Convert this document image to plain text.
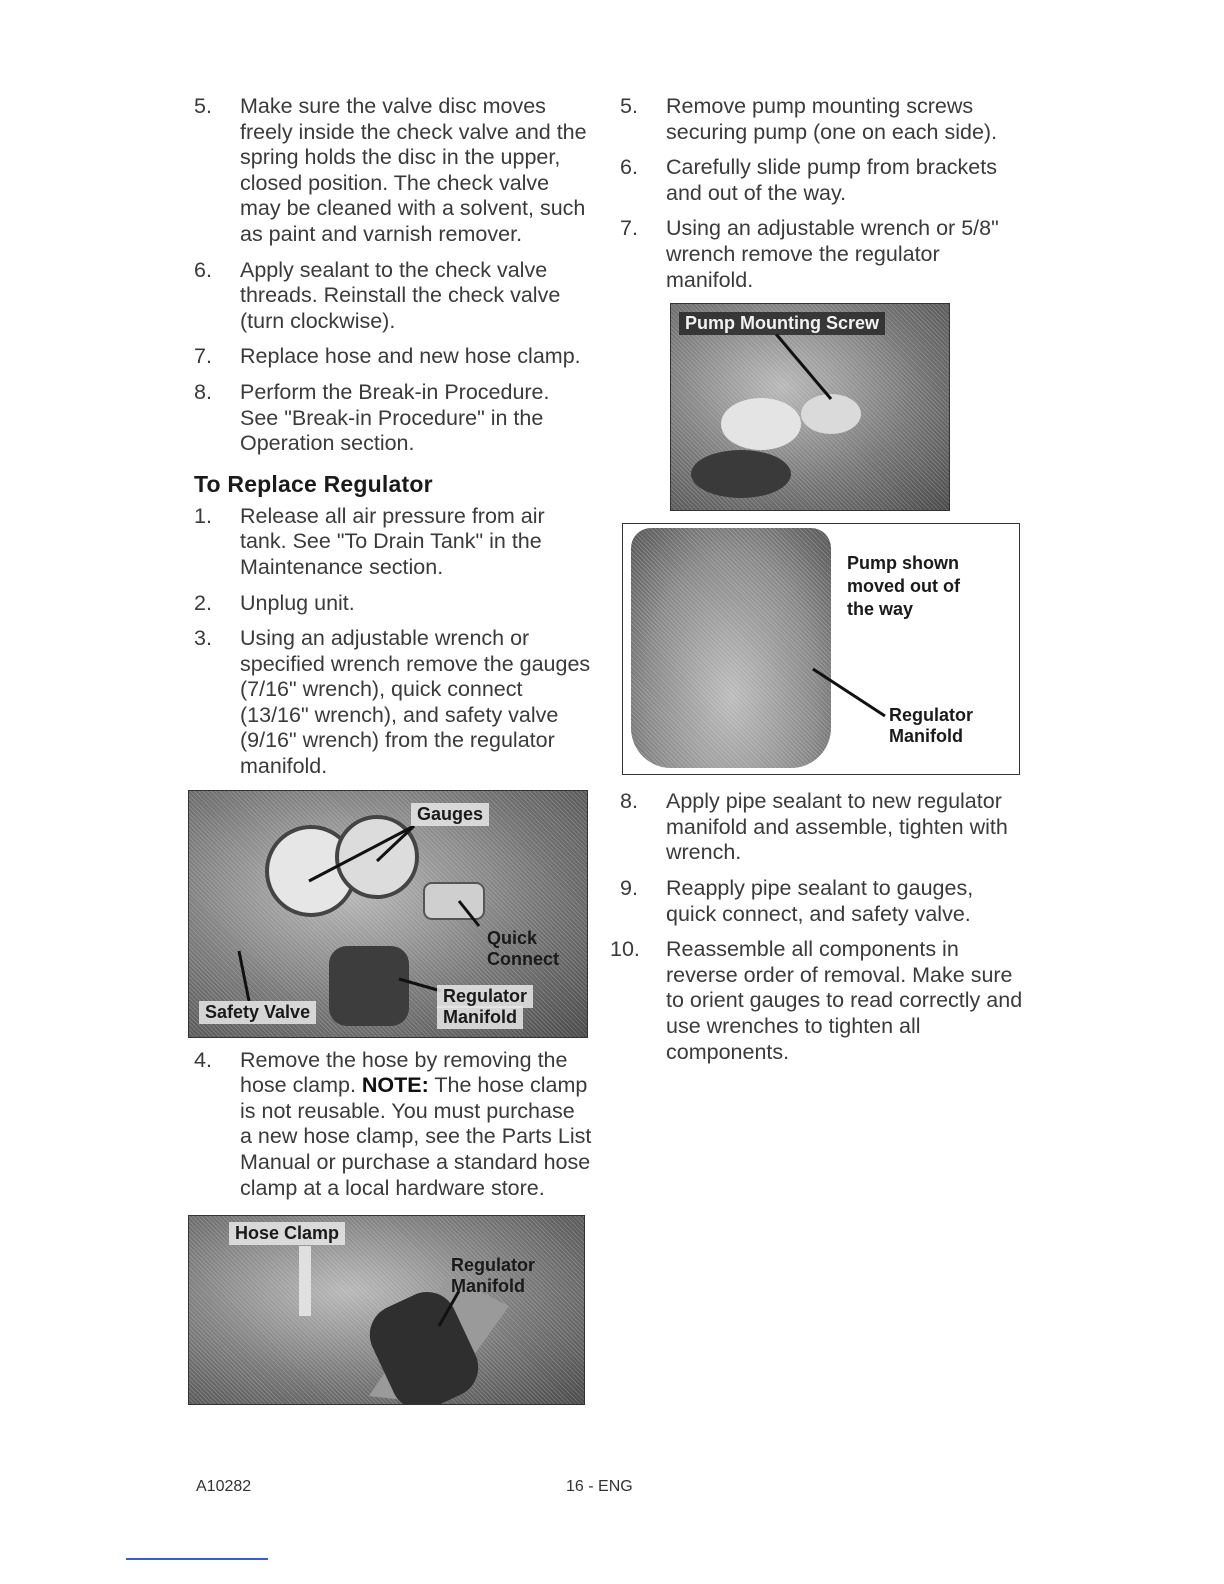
5. Make sure the valve disc moves freely inside the check valve and the spring holds the disc in the upper, closed position. The check valve may be cleaned with a solvent, such as paint and varnish remover.
6. Apply sealant to the check valve threads. Reinstall the check valve (turn clockwise).
7. Replace hose and new hose clamp.
8. Perform the Break-in Procedure. See "Break-in Procedure" in the Operation section.
To Replace Regulator
1. Release all air pressure from air tank. See "To Drain Tank" in the Maintenance section.
2. Unplug unit.
3. Using an adjustable wrench or specified wrench remove the gauges (7/16" wrench), quick connect (13/16" wrench), and safety valve (9/16" wrench) from the regulator manifold.
Gauges
Quick
Connect
Regulator
Manifold
Safety Valve
4. Remove the hose by removing the hose clamp. NOTE: The hose clamp is not reusable. You must purchase a new hose clamp, see the Parts List Manual or purchase a standard hose clamp at a local hardware store.
Hose Clamp
Regulator
Manifold
5. Remove pump mounting screws securing pump (one on each side).
6. Carefully slide pump from brackets and out of the way.
7. Using an adjustable wrench or 5/8" wrench remove the regulator manifold.
Pump Mounting Screw
Pump shown
moved out of
the way
Regulator
Manifold
8. Apply pipe sealant to new regulator manifold and assemble, tighten with wrench.
9. Reapply pipe sealant to gauges, quick connect, and safety valve.
10. Reassemble all components in reverse order of removal. Make sure to orient gauges to read correctly and use wrenches to tighten all components.
A10282	16 - ENG
